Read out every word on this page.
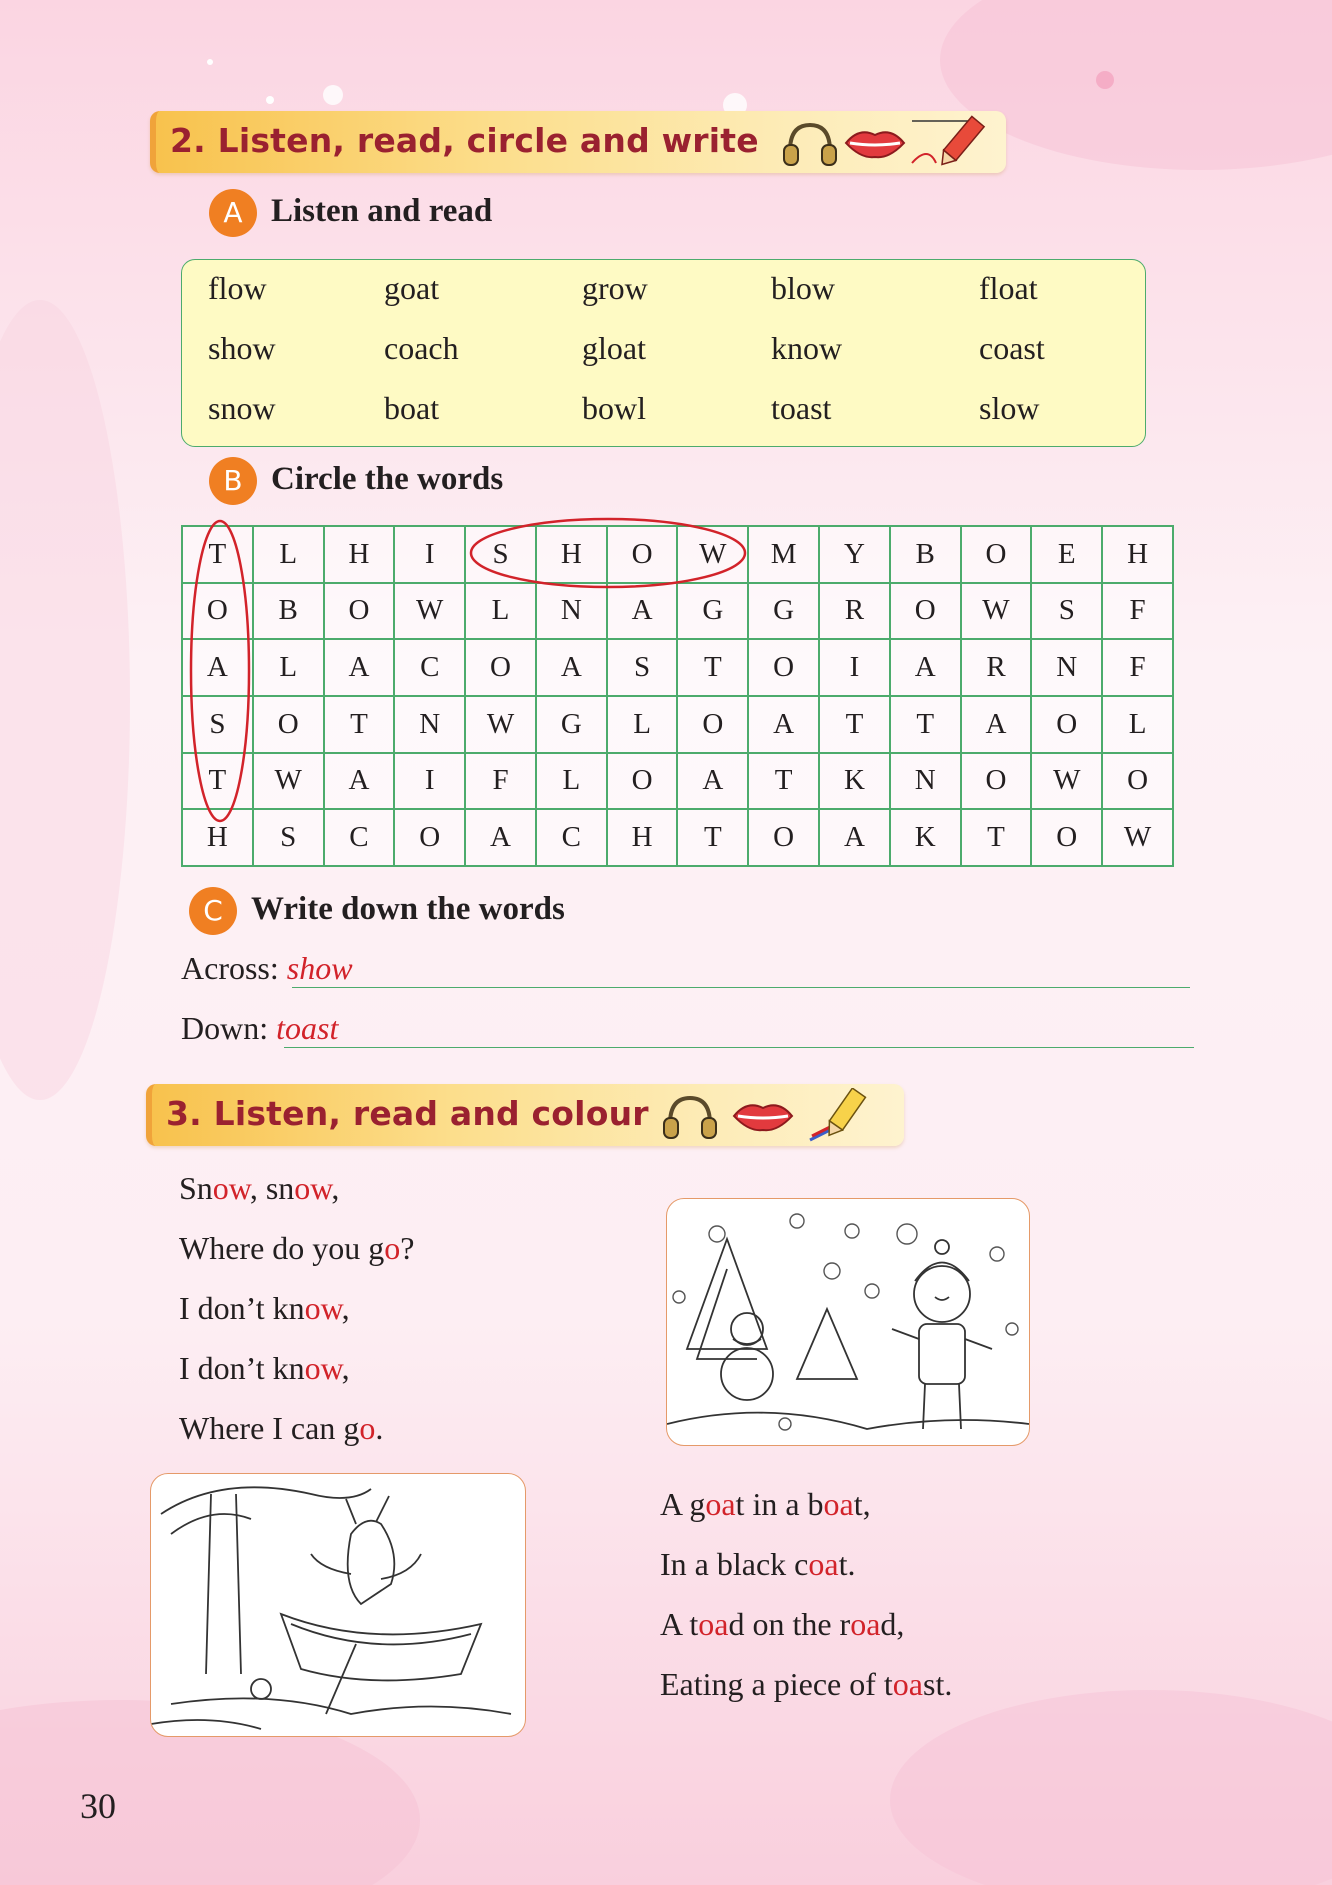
2. Listen, read, circle and write
A Listen and read
flow	goat	grow	blow	float
show	coach	gloat	know	coast
snow	boat	bowl	toast	slow
B Circle the words
T	L	H	I	S	H	O	W	M	Y	B	O	E	H
O	B	O	W	L	N	A	G	G	R	O	W	S	F
A	L	A	C	O	A	S	T	O	I	A	R	N	F
S	O	T	N	W	G	L	O	A	T	T	A	O	L
T	W	A	I	F	L	O	A	T	K	N	O	W	O
H	S	C	O	A	C	H	T	O	A	K	T	O	W
C Write down the words
Across: show
Down: toast
3. Listen, read and colour
Snow, snow,
Where do you go?
I don’t know,
I don’t know,
Where I can go.
A goat in a boat,
In a black coat.
A toad on the road,
Eating a piece of toast.
30
